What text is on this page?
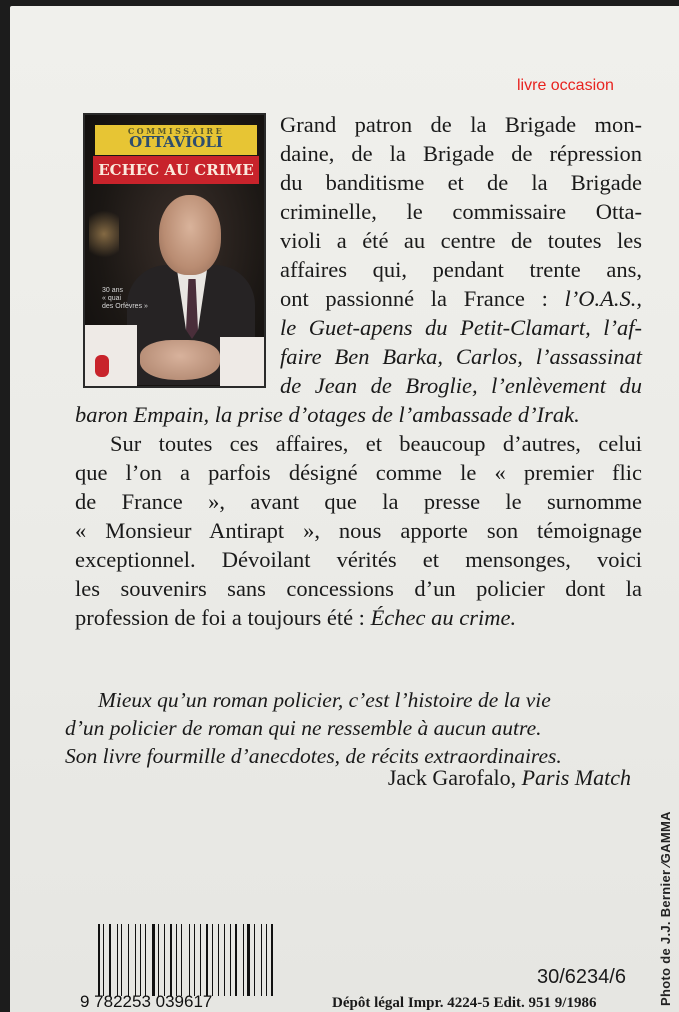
livre occasion
COMMISSAIRE
OTTAVIOLI
ECHEC AU CRIME
30 ans
« quai
des Orfèvres »
Grand patron de la Brigade mon-
daine, de la Brigade de répression
du banditisme et de la Brigade
criminelle, le commissaire Otta-
violi a été au centre de toutes les
affaires qui, pendant trente ans,
ont passionné la France : l’O.A.S.,
le Guet-apens du Petit-Clamart, l’af-
faire Ben Barka, Carlos, l’assassinat
de Jean de Broglie, l’enlèvement du
baron Empain, la prise d’otages de l’ambassade d’Irak.
Sur toutes ces affaires, et beaucoup d’autres, celui
que l’on a parfois désigné comme le « premier flic
de France », avant que la presse le surnomme
« Monsieur Antirapt », nous apporte son témoignage
exceptionnel. Dévoilant vérités et mensonges, voici
les souvenirs sans concessions d’un policier dont la
profession de foi a toujours été : Échec au crime.
Mieux qu’un roman policier, c’est l’histoire de la vie
d’un policier de roman qui ne ressemble à aucun autre.
Son livre fourmille d’anecdotes, de récits extraordinaires.
Jack Garofalo, Paris Match
9 782253 039617
30/6234/6
Dépôt légal Impr. 4224-5 Edit. 951 9/1986	Photo de J.J. Bernier ∕GAMMA
